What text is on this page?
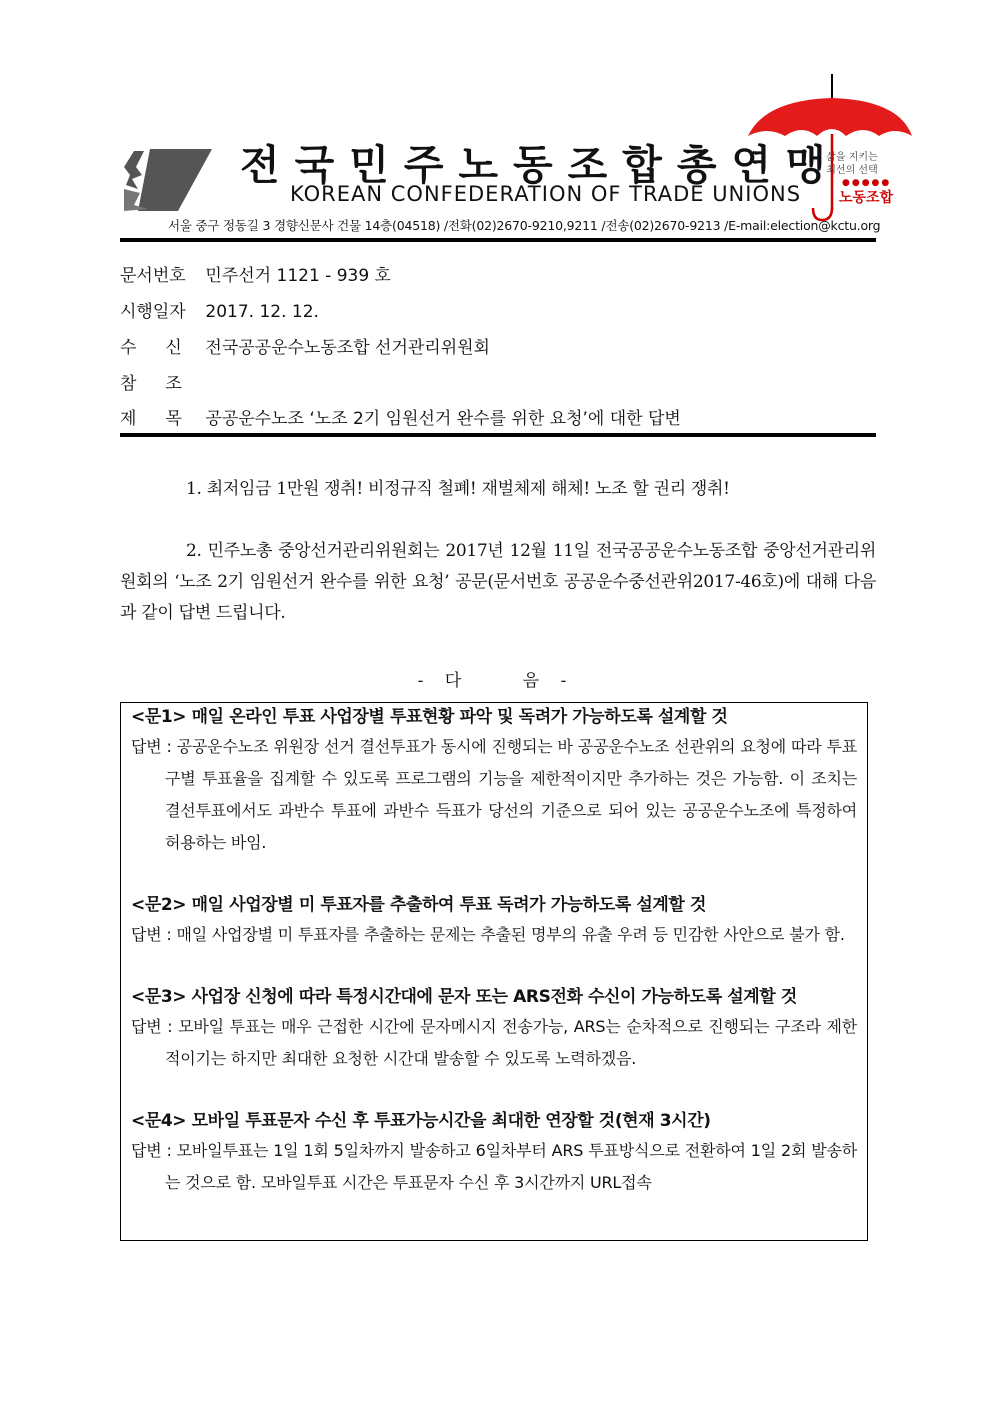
전국민주노동조합총연맹
KOREAN CONFEDERATION OF TRADE UNIONS
서울 중구 정동길 3 경향신문사 건물 14층(04518) /전화(02)2670-9210,9211 /전송(02)2670-9213 /E-mail:election@kctu.org
삶을 지키는
최선의 선택
●●●●●
노동조합
문서번호 민주선거 1121 - 939 호
시행일자 2017. 12. 12.
수신 전국공공운수노동조합 선거관리위원회
참조
제목 공공운수노조 ‘노조 2기 임원선거 완수를 위한 요청’에 대한 답변
1. 최저임금 1만원 쟁취! 비정규직 철폐! 재벌체제 해체! 노조 할 권리 쟁취!
2. 민주노총 중앙선거관리위원회는 2017년 12월 11일 전국공공운수노동조합 중앙선거관리위원회의 ‘노조 2기 임원선거 완수를 위한 요청’ 공문(문서번호 공공운수중선관위2017-46호)에 대해 다음과 같이 답변 드립니다.
- 다    음 -
<문1> 매일 온라인 투표 사업장별 투표현황 파악 및 독려가 가능하도록 설계할 것
답변 : 공공운수노조 위원장 선거 결선투표가 동시에 진행되는 바 공공운수노조 선관위의 요청에 따라 투표구별 투표율을 집계할 수 있도록 프로그램의 기능을 제한적이지만 추가하는 것은 가능함. 이 조치는 결선투표에서도 과반수 투표에 과반수 득표가 당선의 기준으로 되어 있는 공공운수노조에 특정하여 허용하는 바임.
<문2> 매일 사업장별 미 투표자를 추출하여 투표 독려가 가능하도록 설계할 것
답변 : 매일 사업장별 미 투표자를 추출하는 문제는 추출된 명부의 유출 우려 등 민감한 사안으로 불가 함.
<문3> 사업장 신청에 따라 특정시간대에 문자 또는 ARS전화 수신이 가능하도록 설계할 것
답변 : 모바일 투표는 매우 근접한 시간에 문자메시지 전송가능, ARS는 순차적으로 진행되는 구조라 제한적이기는 하지만 최대한 요청한 시간대 발송할 수 있도록 노력하겠음.
<문4> 모바일 투표문자 수신 후 투표가능시간을 최대한 연장할 것(현재 3시간)
답변 : 모바일투표는 1일 1회 5일차까지 발송하고 6일차부터 ARS 투표방식으로 전환하여 1일 2회 발송하는 것으로 함. 모바일투표 시간은 투표문자 수신 후 3시간까지 URL접속
